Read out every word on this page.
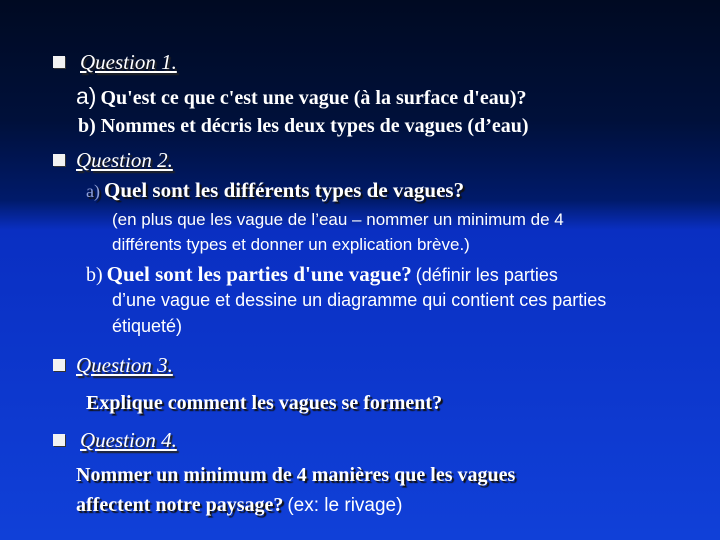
Question 1.
a) Qu'est ce que c'est une vague (à la surface d'eau)?
b) Nommes et décris les deux types de vagues (d’eau)
Question 2.
a) Quel sont les différents types de vagues?
(en plus que les vague de l’eau – nommer un minimum de 4
différents types et donner un explication brève.)
b) Quel sont les parties d'une vague? (définir les parties
d’une vague et dessine un diagramme qui contient ces parties
étiqueté)
Question 3.
Explique comment les vagues se forment?
Question 4.
Nommer un minimum de 4 manières que les vagues
affectent notre paysage? (ex: le rivage)
